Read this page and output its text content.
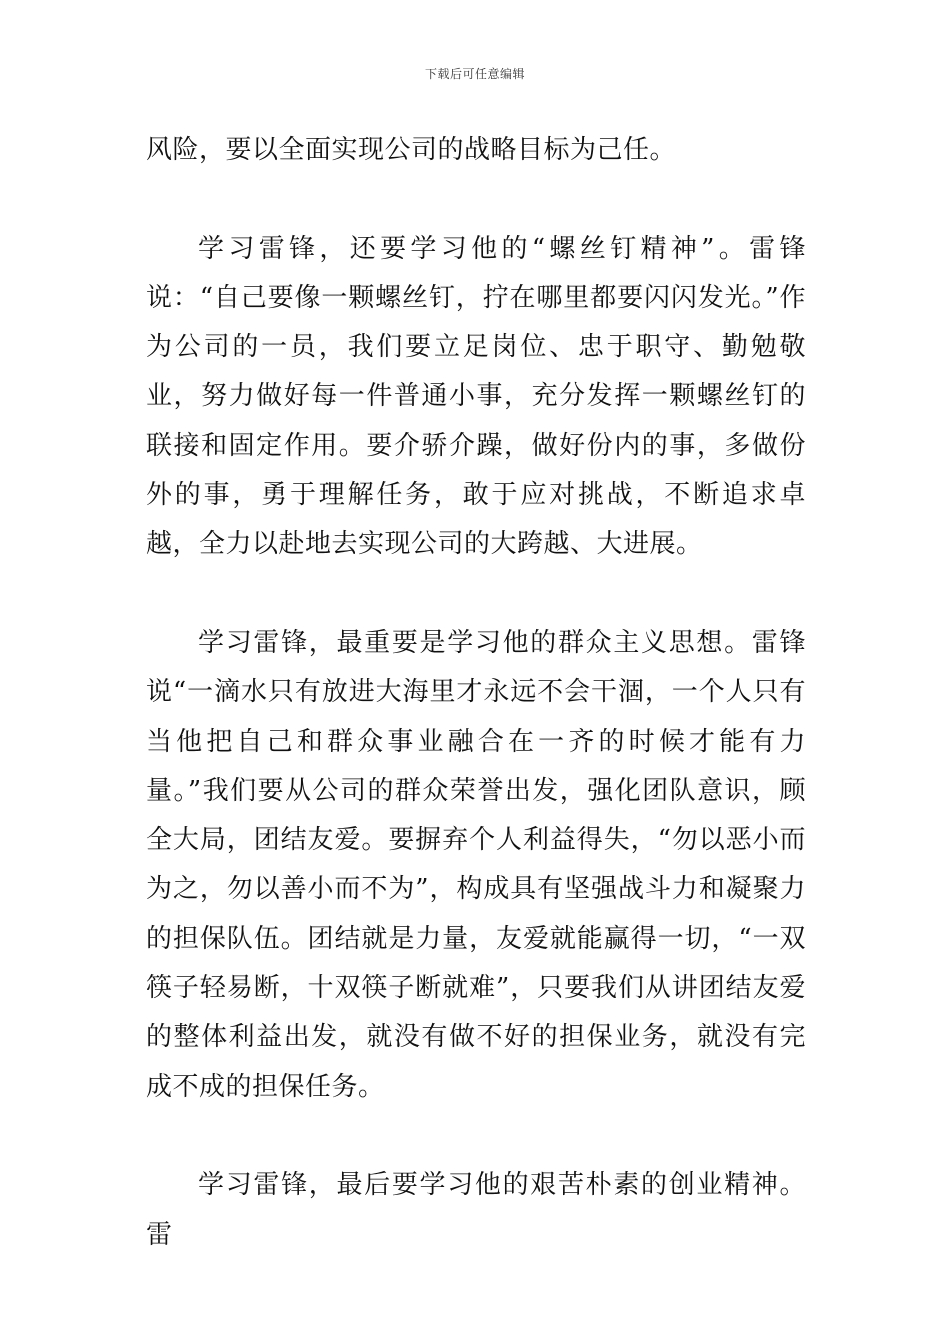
下载后可任意编辑

风险，要以全面实现公司的战略目标为己任。

学习雷锋，还要学习他的“螺丝钉精神”。雷锋说：“自己要像一颗螺丝钉，拧在哪里都要闪闪发光。”作为公司的一员，我们要立足岗位、忠于职守、勤勉敬业，努力做好每一件普通小事，充分发挥一颗螺丝钉的联接和固定作用。要介骄介躁，做好份内的事，多做份外的事，勇于理解任务，敢于应对挑战，不断追求卓越，全力以赴地去实现公司的大跨越、大进展。

学习雷锋，最重要是学习他的群众主义思想。雷锋说“一滴水只有放进大海里才永远不会干涸，一个人只有当他把自己和群众事业融合在一齐的时候才能有力量。”我们要从公司的群众荣誉出发，强化团队意识，顾全大局，团结友爱。要摒弃个人利益得失，“勿以恶小而为之，勿以善小而不为”，构成具有坚强战斗力和凝聚力的担保队伍。团结就是力量，友爱就能赢得一切，“一双筷子轻易断，十双筷子断就难”，只要我们从讲团结友爱的整体利益出发，就没有做不好的担保业务，就没有完成不成的担保任务。

学习雷锋，最后要学习他的艰苦朴素的创业精神。雷
